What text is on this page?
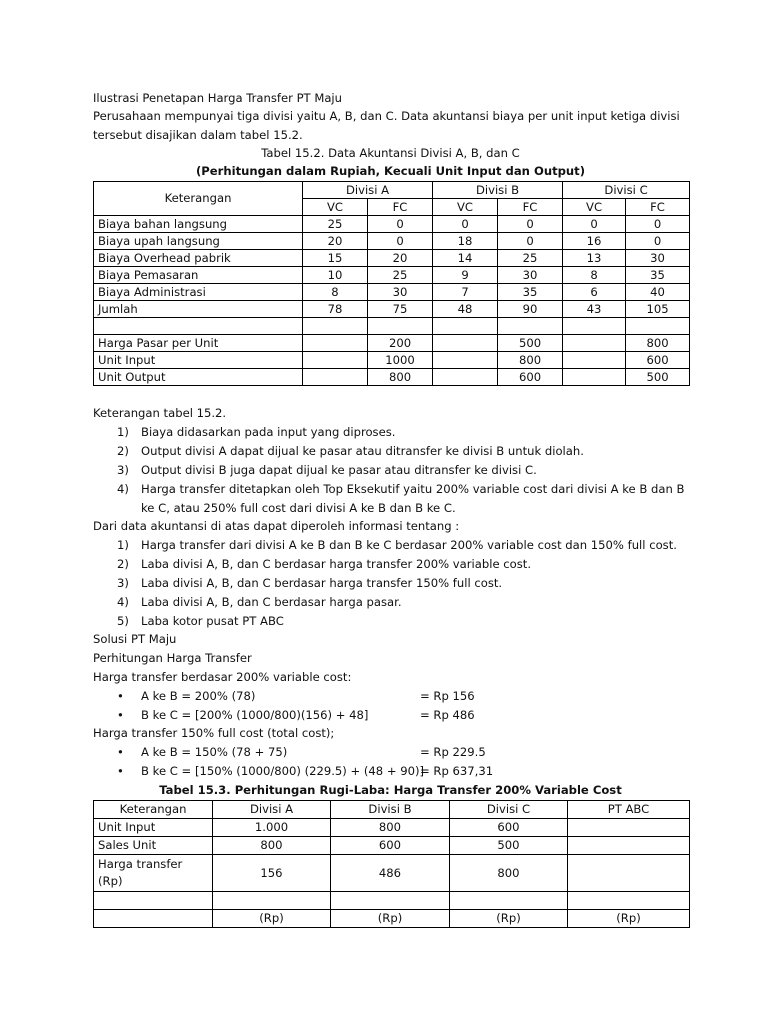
Ilustrasi Penetapan Harga Transfer PT Maju
Perusahaan mempunyai tiga divisi yaitu A, B, dan C. Data akuntansi biaya per unit input ketiga divisi
tersebut disajikan dalam tabel 15.2.
Tabel 15.2. Data Akuntansi Divisi A, B, dan C
(Perhitungan dalam Rupiah, Kecuali Unit Input dan Output)
Keterangan	Divisi A		Divisi B		Divisi C	
	VC	FC	VC	FC	VC	FC
Biaya bahan langsung	25	0	0	0	0	0
Biaya upah langsung	20	0	18	0	16	0
Biaya Overhead pabrik	15	20	14	25	13	30
Biaya Pemasaran	10	25	9	30	8	35
Biaya Administrasi	8	30	7	35	6	40
Jumlah	78	75	48	90	43	105

Harga Pasar per Unit		200		500		800
Unit Input		1000		800		600
Unit Output		800		600		500
Keterangan tabel 15.2.
1) Biaya didasarkan pada input yang diproses.
2) Output divisi A dapat dijual ke pasar atau ditransfer ke divisi B untuk diolah.
3) Output divisi B juga dapat dijual ke pasar atau ditransfer ke divisi C.
4) Harga transfer ditetapkan oleh Top Eksekutif yaitu 200% variable cost dari divisi A ke B dan B
ke C, atau 250% full cost dari divisi A ke B dan B ke C.
Dari data akuntansi di atas dapat diperoleh informasi tentang :
1) Harga transfer dari divisi A ke B dan B ke C berdasar 200% variable cost dan 150% full cost.
2) Laba divisi A, B, dan C berdasar harga transfer 200% variable cost.
3) Laba divisi A, B, dan C berdasar harga transfer 150% full cost.
4) Laba divisi A, B, dan C berdasar harga pasar.
5) Laba kotor pusat PT ABC
Solusi PT Maju
Perhitungan Harga Transfer
Harga transfer berdasar 200% variable cost:
• A ke B = 200% (78)	= Rp 156
• B ke C = [200% (1000/800)(156) + 48]	= Rp 486
Harga transfer 150% full cost (total cost);
• A ke B = 150% (78 + 75)	= Rp 229.5
• B ke C = [150% (1000/800) (229.5) + (48 + 90)]= Rp 637,31
Tabel 15.3. Perhitungan Rugi-Laba: Harga Transfer 200% Variable Cost
Keterangan	Divisi A	Divisi B	Divisi C	PT ABC
Unit Input	1.000	800	600	
Sales Unit	800	600	500	
Harga transfer (Rp)	156	486	800	

	(Rp)	(Rp)	(Rp)	(Rp)
